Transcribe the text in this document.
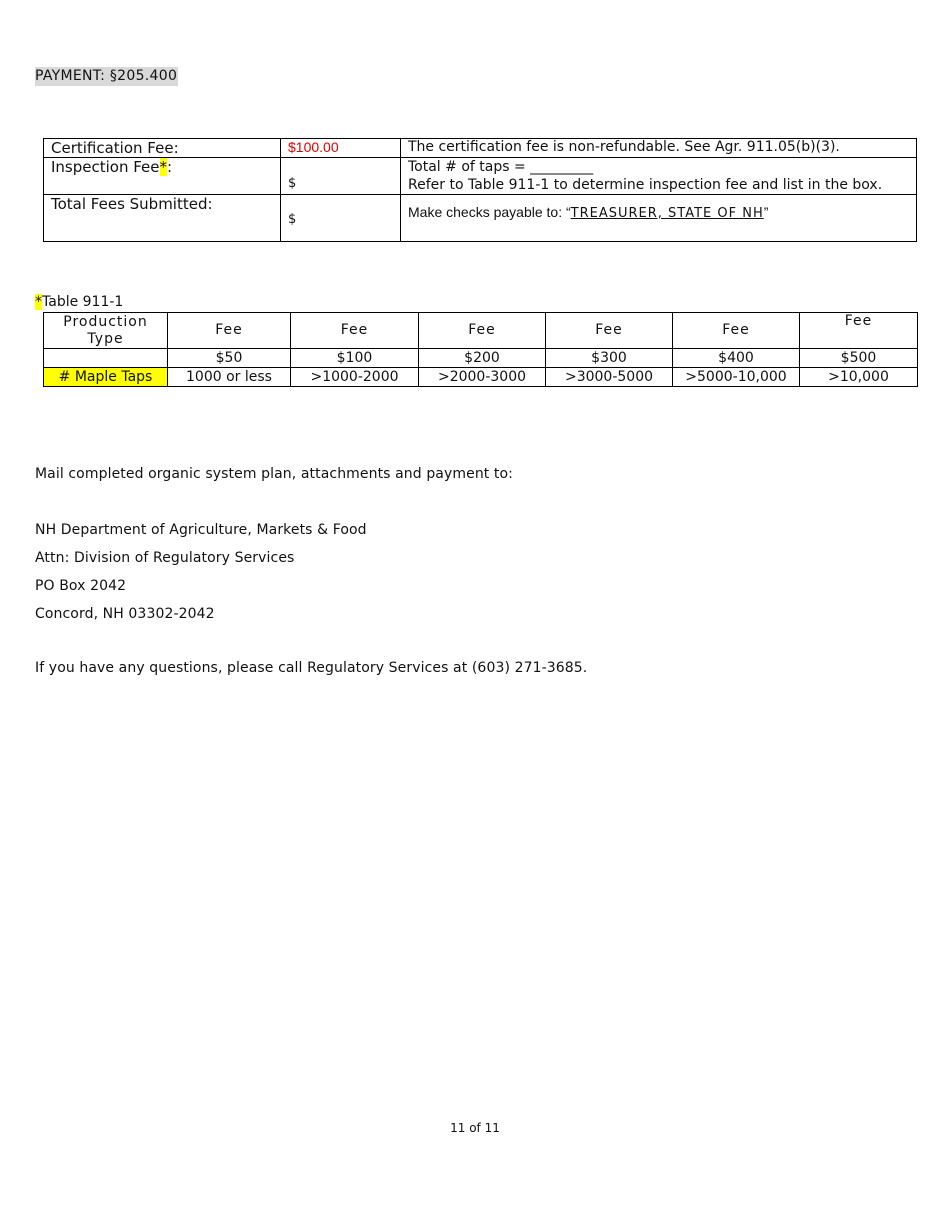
PAYMENT: §205.400
Certification Fee:	$100.00	The certification fee is non-refundable. See Agr. 911.05(b)(3).
Inspection Fee*:	$	Total # of taps = _________
Refer to Table 911-1 to determine inspection fee and list in the box.

Total Fees Submitted:	$	Make checks payable to: “TREASURER, STATE OF NH”
*Table 911-1
Production Type	Fee	Fee	Fee	Fee	Fee	Fee
	$50	$100	$200	$300	$400	$500
# Maple Taps	1000 or less	>1000-2000	>2000-3000	>3000-5000	>5000-10,000	>10,000
Mail completed organic system plan, attachments and payment to:
NH Department of Agriculture, Markets & Food
Attn: Division of Regulatory Services
PO Box 2042
Concord, NH 03302-2042
If you have any questions, please call Regulatory Services at (603) 271-3685.
11 of 11
